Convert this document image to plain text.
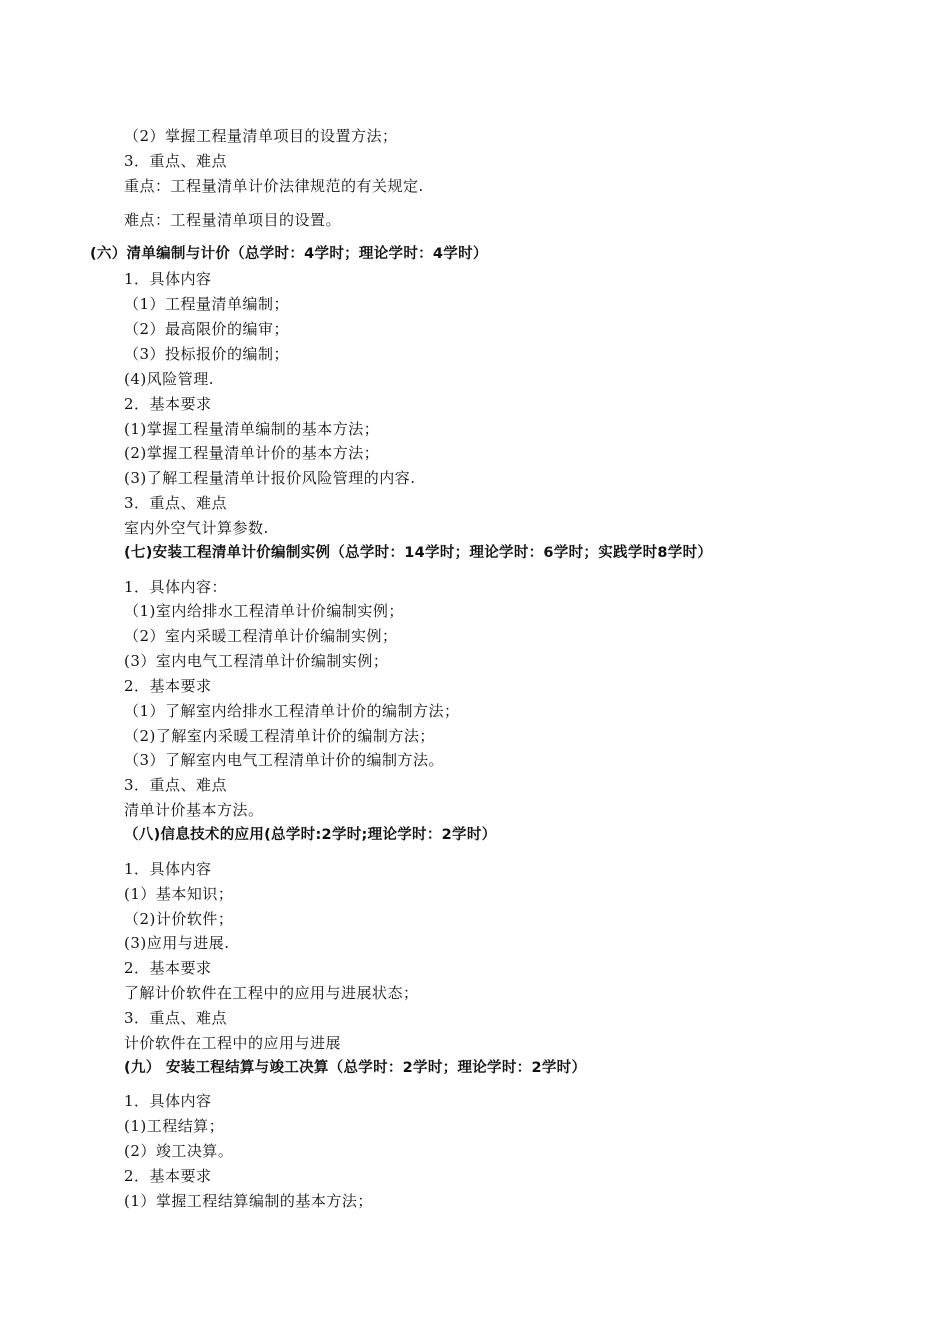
（2）掌握工程量清单项目的设置方法；
3．重点、难点
重点：工程量清单计价法律规范的有关规定.
难点：工程量清单项目的设置。
(六）清单编制与计价（总学时：4学时；理论学时：4学时）
1．具体内容
（1）工程量清单编制；
（2）最高限价的编审；
（3）投标报价的编制；
(4)风险管理.
2．基本要求
(1)掌握工程量清单编制的基本方法；
(2)掌握工程量清单计价的基本方法；
(3)了解工程量清单计报价风险管理的内容.
3．重点、难点
室内外空气计算参数.
(七)安装工程清单计价编制实例（总学时：14学时；理论学时：6学时；实践学时8学时）
1．具体内容：
（1)室内给排水工程清单计价编制实例；
（2）室内采暖工程清单计价编制实例；
(3）室内电气工程清单计价编制实例；
2．基本要求
（1）了解室内给排水工程清单计价的编制方法；
（2)了解室内采暖工程清单计价的编制方法；
（3）了解室内电气工程清单计价的编制方法。
3．重点、难点
清单计价基本方法。
（八)信息技术的应用(总学时:2学时;理论学时：2学时）
1．具体内容
(1）基本知识；
（2)计价软件；
(3)应用与进展.
2．基本要求
了解计价软件在工程中的应用与进展状态；
3．重点、难点
计价软件在工程中的应用与进展
(九） 安装工程结算与竣工决算（总学时：2学时；理论学时：2学时）
1．具体内容
(1)工程结算；
(2）竣工决算。
2．基本要求
(1）掌握工程结算编制的基本方法；
